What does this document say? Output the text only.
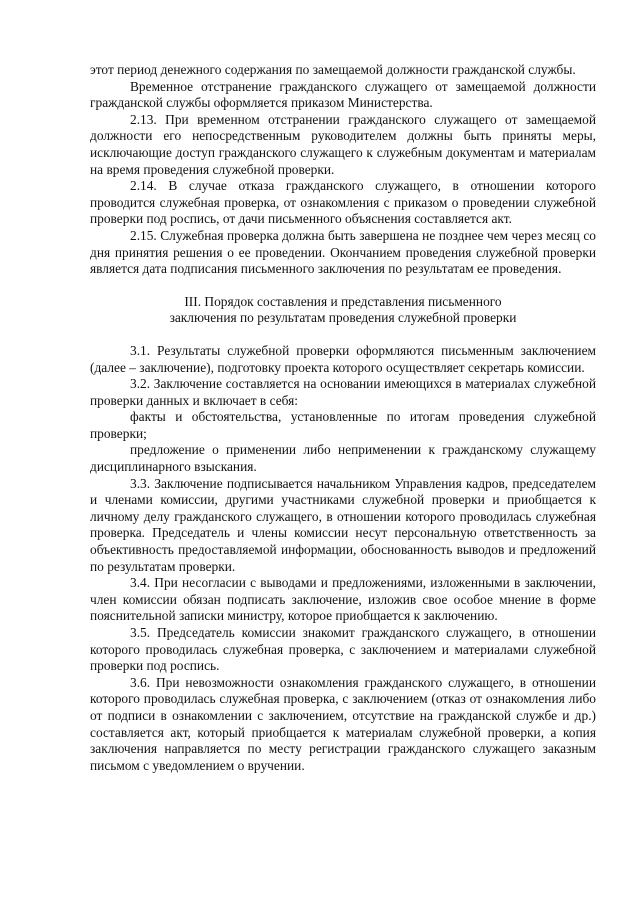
этот период денежного содержания по замещаемой должности гражданской службы.

Временное отстранение гражданского служащего от замещаемой должности гражданской службы оформляется приказом Министерства.

2.13. При временном отстранении гражданского служащего от замещаемой должности его непосредственным руководителем должны быть приняты меры, исключающие доступ гражданского служащего к служебным документам и материалам на время проведения служебной проверки.

2.14. В случае отказа гражданского служащего, в отношении которого проводится служебная проверка, от ознакомления с приказом о проведении служебной проверки под роспись, от дачи письменного объяснения составляется акт.

2.15. Служебная проверка должна быть завершена не позднее чем через месяц со дня принятия решения о ее проведении. Окончанием проведения служебной проверки является дата подписания письменного заключения по результатам ее проведения.

III. Порядок составления и представления письменного
заключения по результатам проведения служебной проверки

3.1. Результаты служебной проверки оформляются письменным заключением (далее – заключение), подготовку проекта которого осуществляет секретарь комиссии.

3.2. Заключение составляется на основании имеющихся в материалах служебной проверки данных и включает в себя:

факты и обстоятельства, установленные по итогам проведения служебной проверки;

предложение о применении либо неприменении к гражданскому служащему дисциплинарного взыскания.

3.3. Заключение подписывается начальником Управления кадров, председателем и членами комиссии, другими участниками служебной проверки и приобщается к личному делу гражданского служащего, в отношении которого проводилась служебная проверка. Председатель и члены комиссии несут персональную ответственность за объективность предоставляемой информации, обоснованность выводов и предложений по результатам проверки.

3.4. При несогласии с выводами и предложениями, изложенными в заключении, член комиссии обязан подписать заключение, изложив свое особое мнение в форме пояснительной записки министру, которое приобщается к заключению.

3.5. Председатель комиссии знакомит гражданского служащего, в отношении которого проводилась служебная проверка, с заключением и материалами служебной проверки под роспись.

3.6. При невозможности ознакомления гражданского служащего, в отношении которого проводилась служебная проверка, с заключением (отказ от ознакомления либо от подписи в ознакомлении с заключением, отсутствие на гражданской службе и др.) составляется акт, который приобщается к материалам служебной проверки, а копия заключения направляется по месту регистрации гражданского служащего заказным письмом с уведомлением о вручении.
